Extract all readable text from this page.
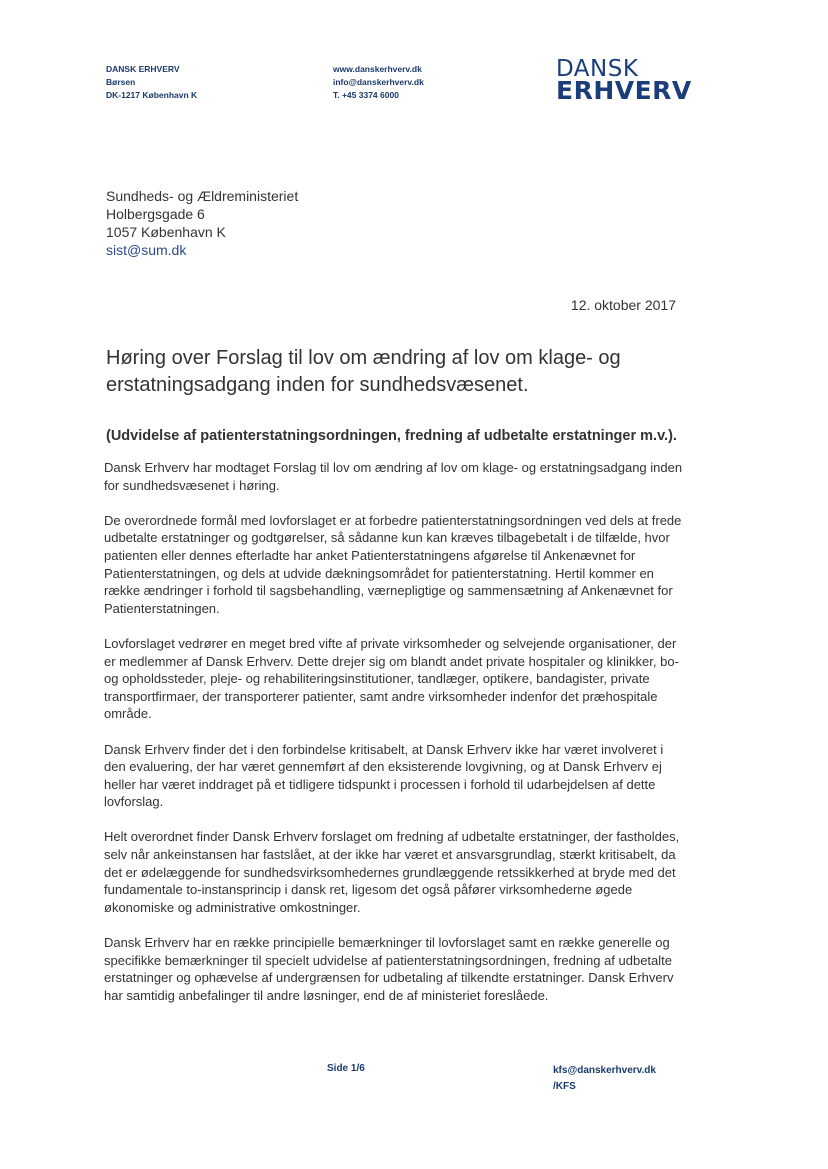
DANSK ERHVERV
Børsen
DK-1217 København K
www.danskerhverv.dk
info@danskerhverv.dk
T. +45 3374 6000
DANSK
ERHVERV
Sundheds- og Ældreministeriet
Holbergsgade 6
1057 København K
sist@sum.dk
12. oktober 2017
Høring over Forslag til lov om ændring af lov om klage- og erstatningsadgang inden for sundhedsvæsenet.
(Udvidelse af patienterstatningsordningen, fredning af udbetalte erstatninger m.v.).

Dansk Erhverv har modtaget Forslag til lov om ændring af lov om klage- og erstatningsadgang inden for sundhedsvæsenet i høring.

De overordnede formål med lovforslaget er at forbedre patienterstatningsordningen ved dels at frede udbetalte erstatninger og godtgørelser, så sådanne kun kan kræves tilbagebetalt i de tilfælde, hvor patienten eller dennes efterladte har anket Patienterstatningens afgørelse til Ankenævnet for Patienterstatningen, og dels at udvide dækningsområdet for patienterstatning. Hertil kommer en række ændringer i forhold til sagsbehandling, værnepligtige og sammensætning af Ankenævnet for Patienterstatningen.

Lovforslaget vedrører en meget bred vifte af private virksomheder og selvejende organisationer, der er medlemmer af Dansk Erhverv. Dette drejer sig om blandt andet private hospitaler og klinikker, bo- og opholdssteder, pleje- og rehabiliteringsinstitutioner, tandlæger, optikere, bandagister, private transportfirmaer, der transporterer patienter, samt andre virksomheder indenfor det præhospitale område.

Dansk Erhverv finder det i den forbindelse kritisabelt, at Dansk Erhverv ikke har været involveret i den evaluering, der har været gennemført af den eksisterende lovgivning, og at Dansk Erhverv ej heller har været inddraget på et tidligere tidspunkt i processen i forhold til udarbejdelsen af dette lovforslag.

Helt overordnet finder Dansk Erhverv forslaget om fredning af udbetalte erstatninger, der fastholdes, selv når ankeinstansen har fastslået, at der ikke har været et ansvarsgrundlag, stærkt kritisabelt, da det er ødelæggende for sundhedsvirksomhedernes grundlæggende retssikkerhed at bryde med det fundamentale to-instansprincip i dansk ret, ligesom det også påfører virksomhederne øgede økonomiske og administrative omkostninger.

Dansk Erhverv har en række principielle bemærkninger til lovforslaget samt en række generelle og specifikke bemærkninger til specielt udvidelse af patienterstatningsordningen, fredning af udbetalte erstatninger og ophævelse af undergrænsen for udbetaling af tilkendte erstatninger. Dansk Erhverv har samtidig anbefalinger til andre løsninger, end de af ministeriet foreslåede.

Side 1/6	kfs@danskerhverv.dk
/KFS
